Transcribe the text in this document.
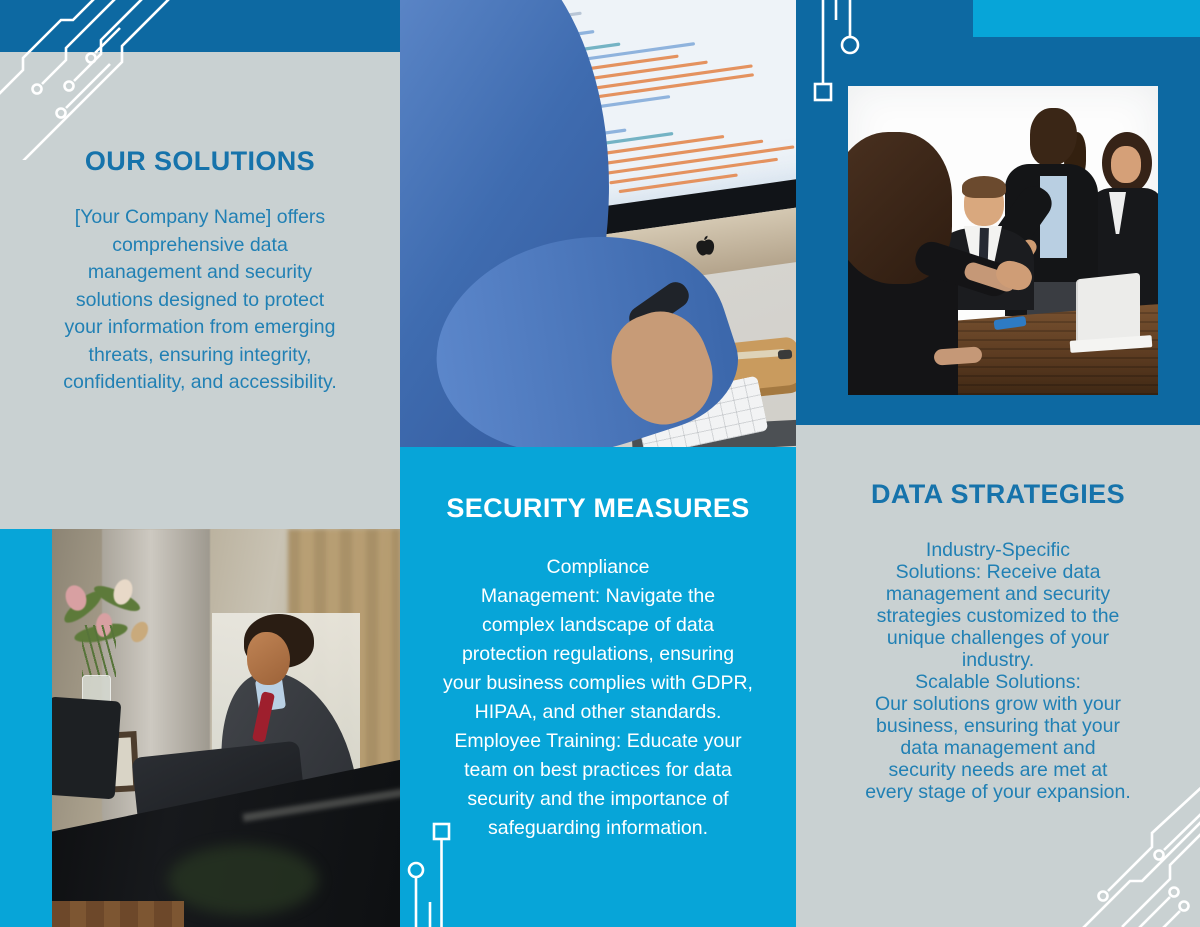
OUR SOLUTIONS
[Your Company Name] offers
comprehensive data
management and security
solutions designed to protect
your information from emerging
threats, ensuring integrity,
confidentiality, and accessibility.
SECURITY MEASURES
Compliance
Management: Navigate the
complex landscape of data
protection regulations, ensuring
your business complies with GDPR,
HIPAA, and other standards.
Employee Training: Educate your
team on best practices for data
security and the importance of
safeguarding information.
DATA STRATEGIES
Industry-Specific
Solutions: Receive data
management and security
strategies customized to the
unique challenges of your
industry.
Scalable Solutions:
Our solutions grow with your
business, ensuring that your
data management and
security needs are met at
every stage of your expansion.
